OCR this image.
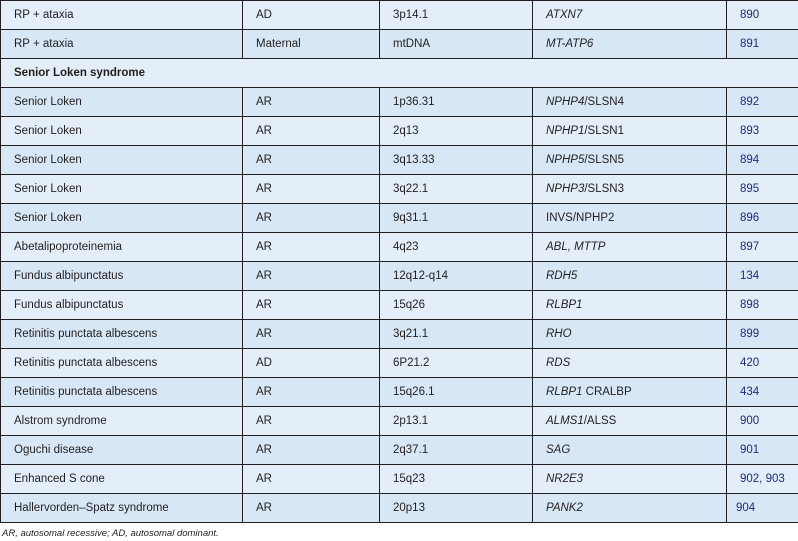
RP + ataxia	AD	3p14.1	ATXN7	890
RP + ataxia	Maternal	mtDNA	MT-ATP6	891
Senior Loken syndrome				
Senior Loken	AR	1p36.31	NPHP4/SLSN4	892
Senior Loken	AR	2q13	NPHP1/SLSN1	893
Senior Loken	AR	3q13.33	NPHP5/SLSN5	894
Senior Loken	AR	3q22.1	NPHP3/SLSN3	895
Senior Loken	AR	9q31.1	INVS/NPHP2	896
Abetalipoproteinemia	AR	4q23	ABL, MTTP	897
Fundus albipunctatus	AR	12q12-q14	RDH5	134
Fundus albipunctatus	AR	15q26	RLBP1	898
Retinitis punctata albescens	AR	3q21.1	RHO	899
Retinitis punctata albescens	AD	6P21.2	RDS	420
Retinitis punctata albescens	AR	15q26.1	RLBP1 CRALBP	434
Alstrom syndrome	AR	2p13.1	ALMS1/ALSS	900
Oguchi disease	AR	2q37.1	SAG	901
Enhanced S cone	AR	15q23	NR2E3	902, 903
Hallervorden–Spatz syndrome	AR	20p13	PANK2	904
AR, autosomal recessive; AD, autosomal dominant.
